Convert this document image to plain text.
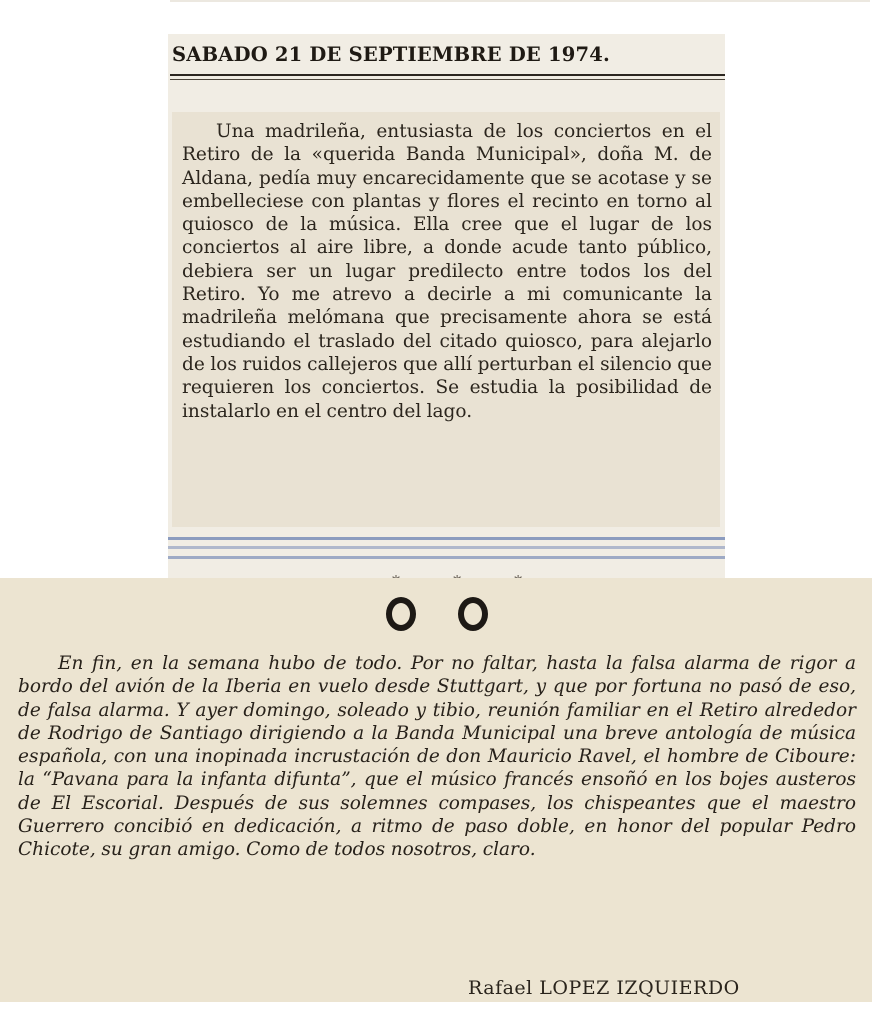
SABADO 21 DE SEPTIEMBRE DE 1974.

Una madrileña, entusiasta de los conciertos en el Retiro de la «querida Banda Municipal», doña M. de Aldana, pedía muy encarecidamente que se acotase y se embelleciese con plantas y flores el recinto en torno al quiosco de la música. Ella cree que el lugar de los conciertos al aire libre, a donde acude tanto público, debiera ser un lugar predilecto entre todos los del Retiro. Yo me atrevo a decirle a mi comunicante la madrileña melómana que precisamente ahora se está estudiando el traslado del citado quiosco, para alejarlo de los ruidos callejeros que allí perturban el silencio que requieren los conciertos. Se estudia la posibilidad de instalarlo en el centro del lago.

En fin, en la semana hubo de todo. Por no faltar, hasta la falsa alarma de rigor a bordo del avión de la Iberia en vuelo desde Stuttgart, y que por fortuna no pasó de eso, de falsa alarma. Y ayer domingo, soleado y tibio, reunión familiar en el Retiro alrededor de Rodrigo de Santiago dirigiendo a la Banda Municipal una breve antología de música española, con una inopinada incrustación de don Mauricio Ravel, el hombre de Ciboure: la “Pavana para la infanta difunta”, que el músico francés ensoñó en los bojes austeros de El Escorial. Después de sus solemnes compases, los chispeantes que el maestro Guerrero concibió en dedicación, a ritmo de paso doble, en honor del popular Pedro Chicote, su gran amigo. Como de todos nosotros, claro.

Rafael LOPEZ IZQUIERDO
